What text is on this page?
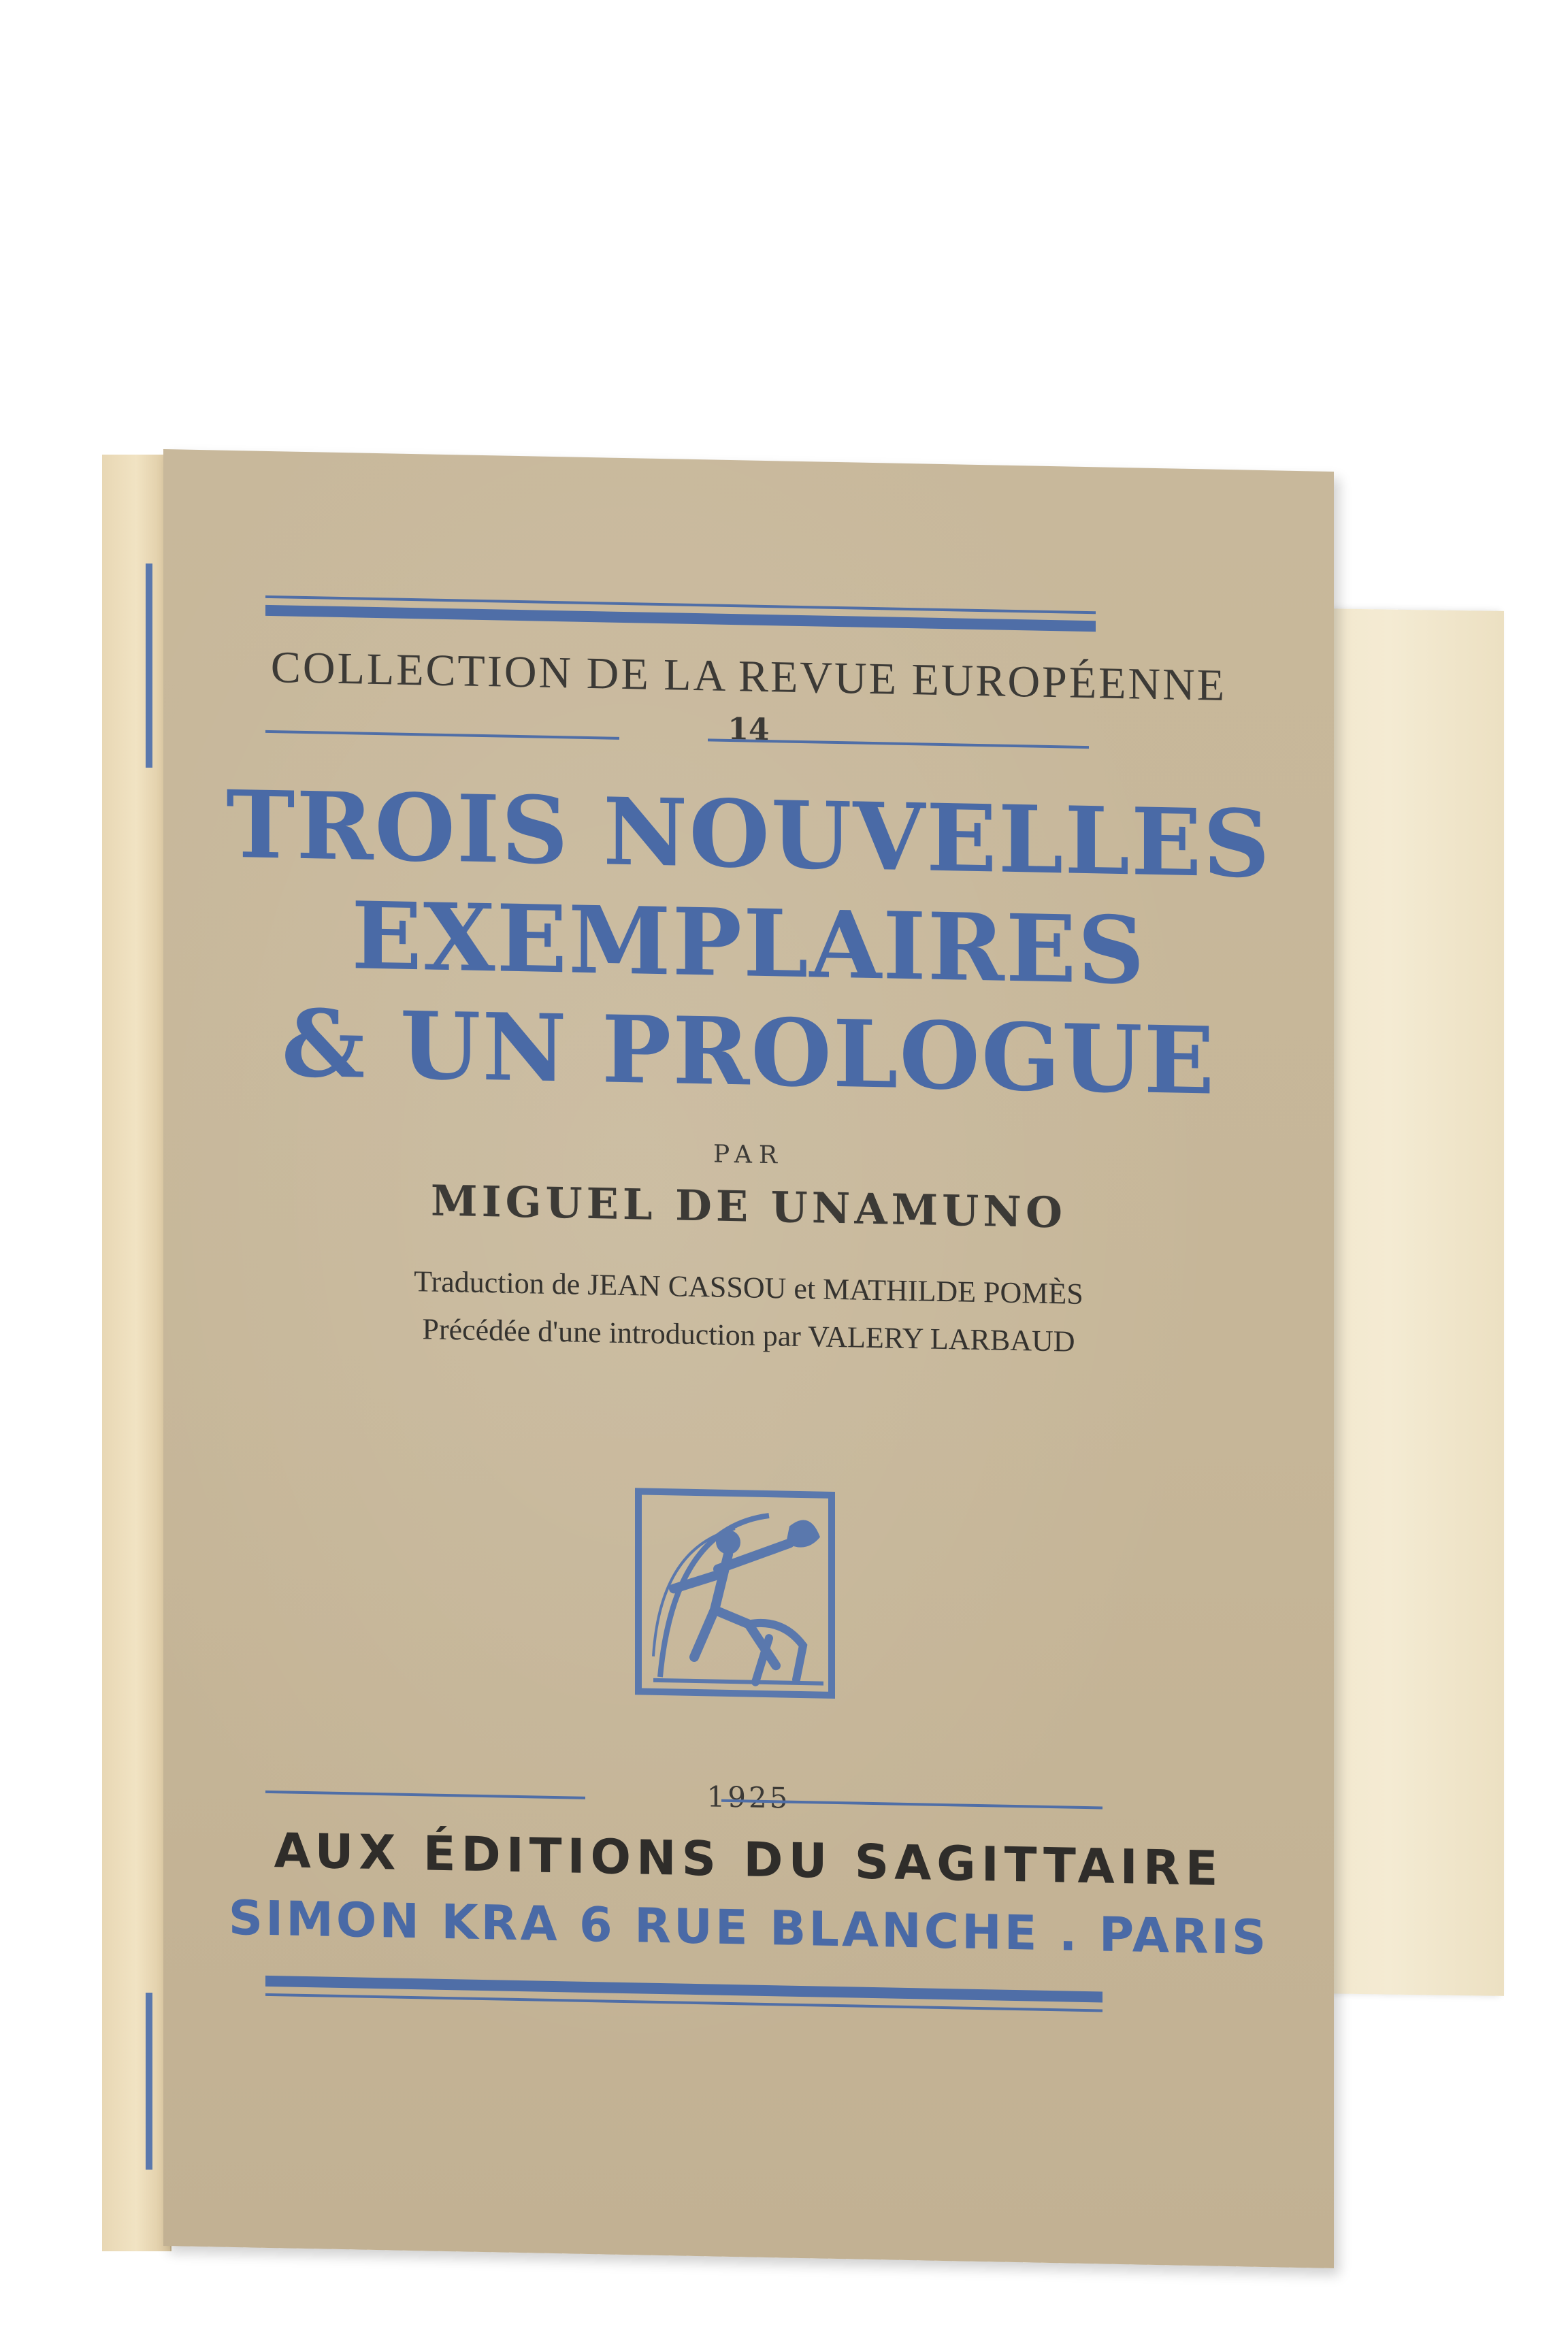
COLLECTION DE LA REVUE EUROPÉENNE
14
TROIS NOUVELLES
EXEMPLAIRES
& UN PROLOGUE
PAR
MIGUEL DE UNAMUNO
Traduction de JEAN CASSOU et MATHILDE POMÈS
Précédée d'une introduction par VALERY LARBAUD
1925
AUX ÉDITIONS DU SAGITTAIRE
SIMON KRA 6 RUE BLANCHE . PARIS
